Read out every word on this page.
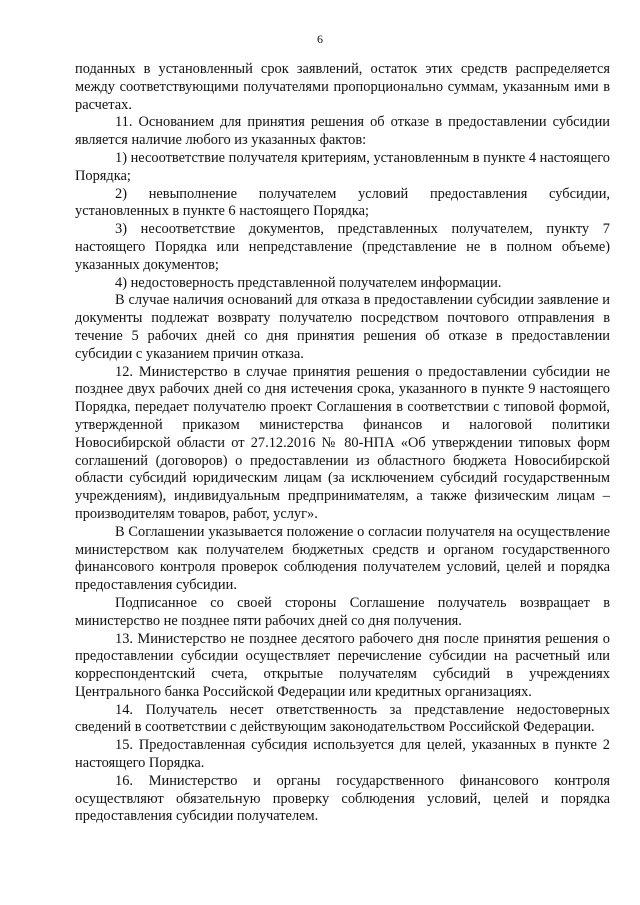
6

поданных в установленный срок заявлений, остаток этих средств распределяется между соответствующими получателями пропорционально суммам, указанным ими в расчетах.

11. Основанием для принятия решения об отказе в предоставлении субсидии является наличие любого из указанных фактов:

1) несоответствие получателя критериям, установленным в пункте 4 настоящего Порядка;

2) невыполнение получателем условий предоставления субсидии, установленных в пункте 6 настоящего Порядка;

3) несоответствие документов, представленных получателем, пункту 7 настоящего Порядка или непредставление (представление не в полном объеме) указанных документов;

4) недостоверность представленной получателем информации.

В случае наличия оснований для отказа в предоставлении субсидии заявление и документы подлежат возврату получателю посредством почтового отправления в течение 5 рабочих дней со дня принятия решения об отказе в предоставлении субсидии с указанием причин отказа.

12. Министерство в случае принятия решения о предоставлении субсидии не позднее двух рабочих дней со дня истечения срока, указанного в пункте 9 настоящего Порядка, передает получателю проект Соглашения в соответствии с типовой формой, утвержденной приказом министерства финансов и налоговой политики Новосибирской области от 27.12.2016 № 80-НПА «Об утверждении типовых форм соглашений (договоров) о предоставлении из областного бюджета Новосибирской области субсидий юридическим лицам (за исключением субсидий государственным учреждениям), индивидуальным предпринимателям, а также физическим лицам – производителям товаров, работ, услуг».

В Соглашении указывается положение о согласии получателя на осуществление министерством как получателем бюджетных средств и органом государственного финансового контроля проверок соблюдения получателем условий, целей и порядка предоставления субсидии.

Подписанное со своей стороны Соглашение получатель возвращает в министерство не позднее пяти рабочих дней со дня получения.

13. Министерство не позднее десятого рабочего дня после принятия решения о предоставлении субсидии осуществляет перечисление субсидии на расчетный или корреспондентский счета, открытые получателям субсидий в учреждениях Центрального банка Российской Федерации или кредитных организациях.

14. Получатель несет ответственность за представление недостоверных сведений в соответствии с действующим законодательством Российской Федерации.

15. Предоставленная субсидия используется для целей, указанных в пункте 2 настоящего Порядка.

16. Министерство и органы государственного финансового контроля осуществляют обязательную проверку соблюдения условий, целей и порядка предоставления субсидии получателем.
